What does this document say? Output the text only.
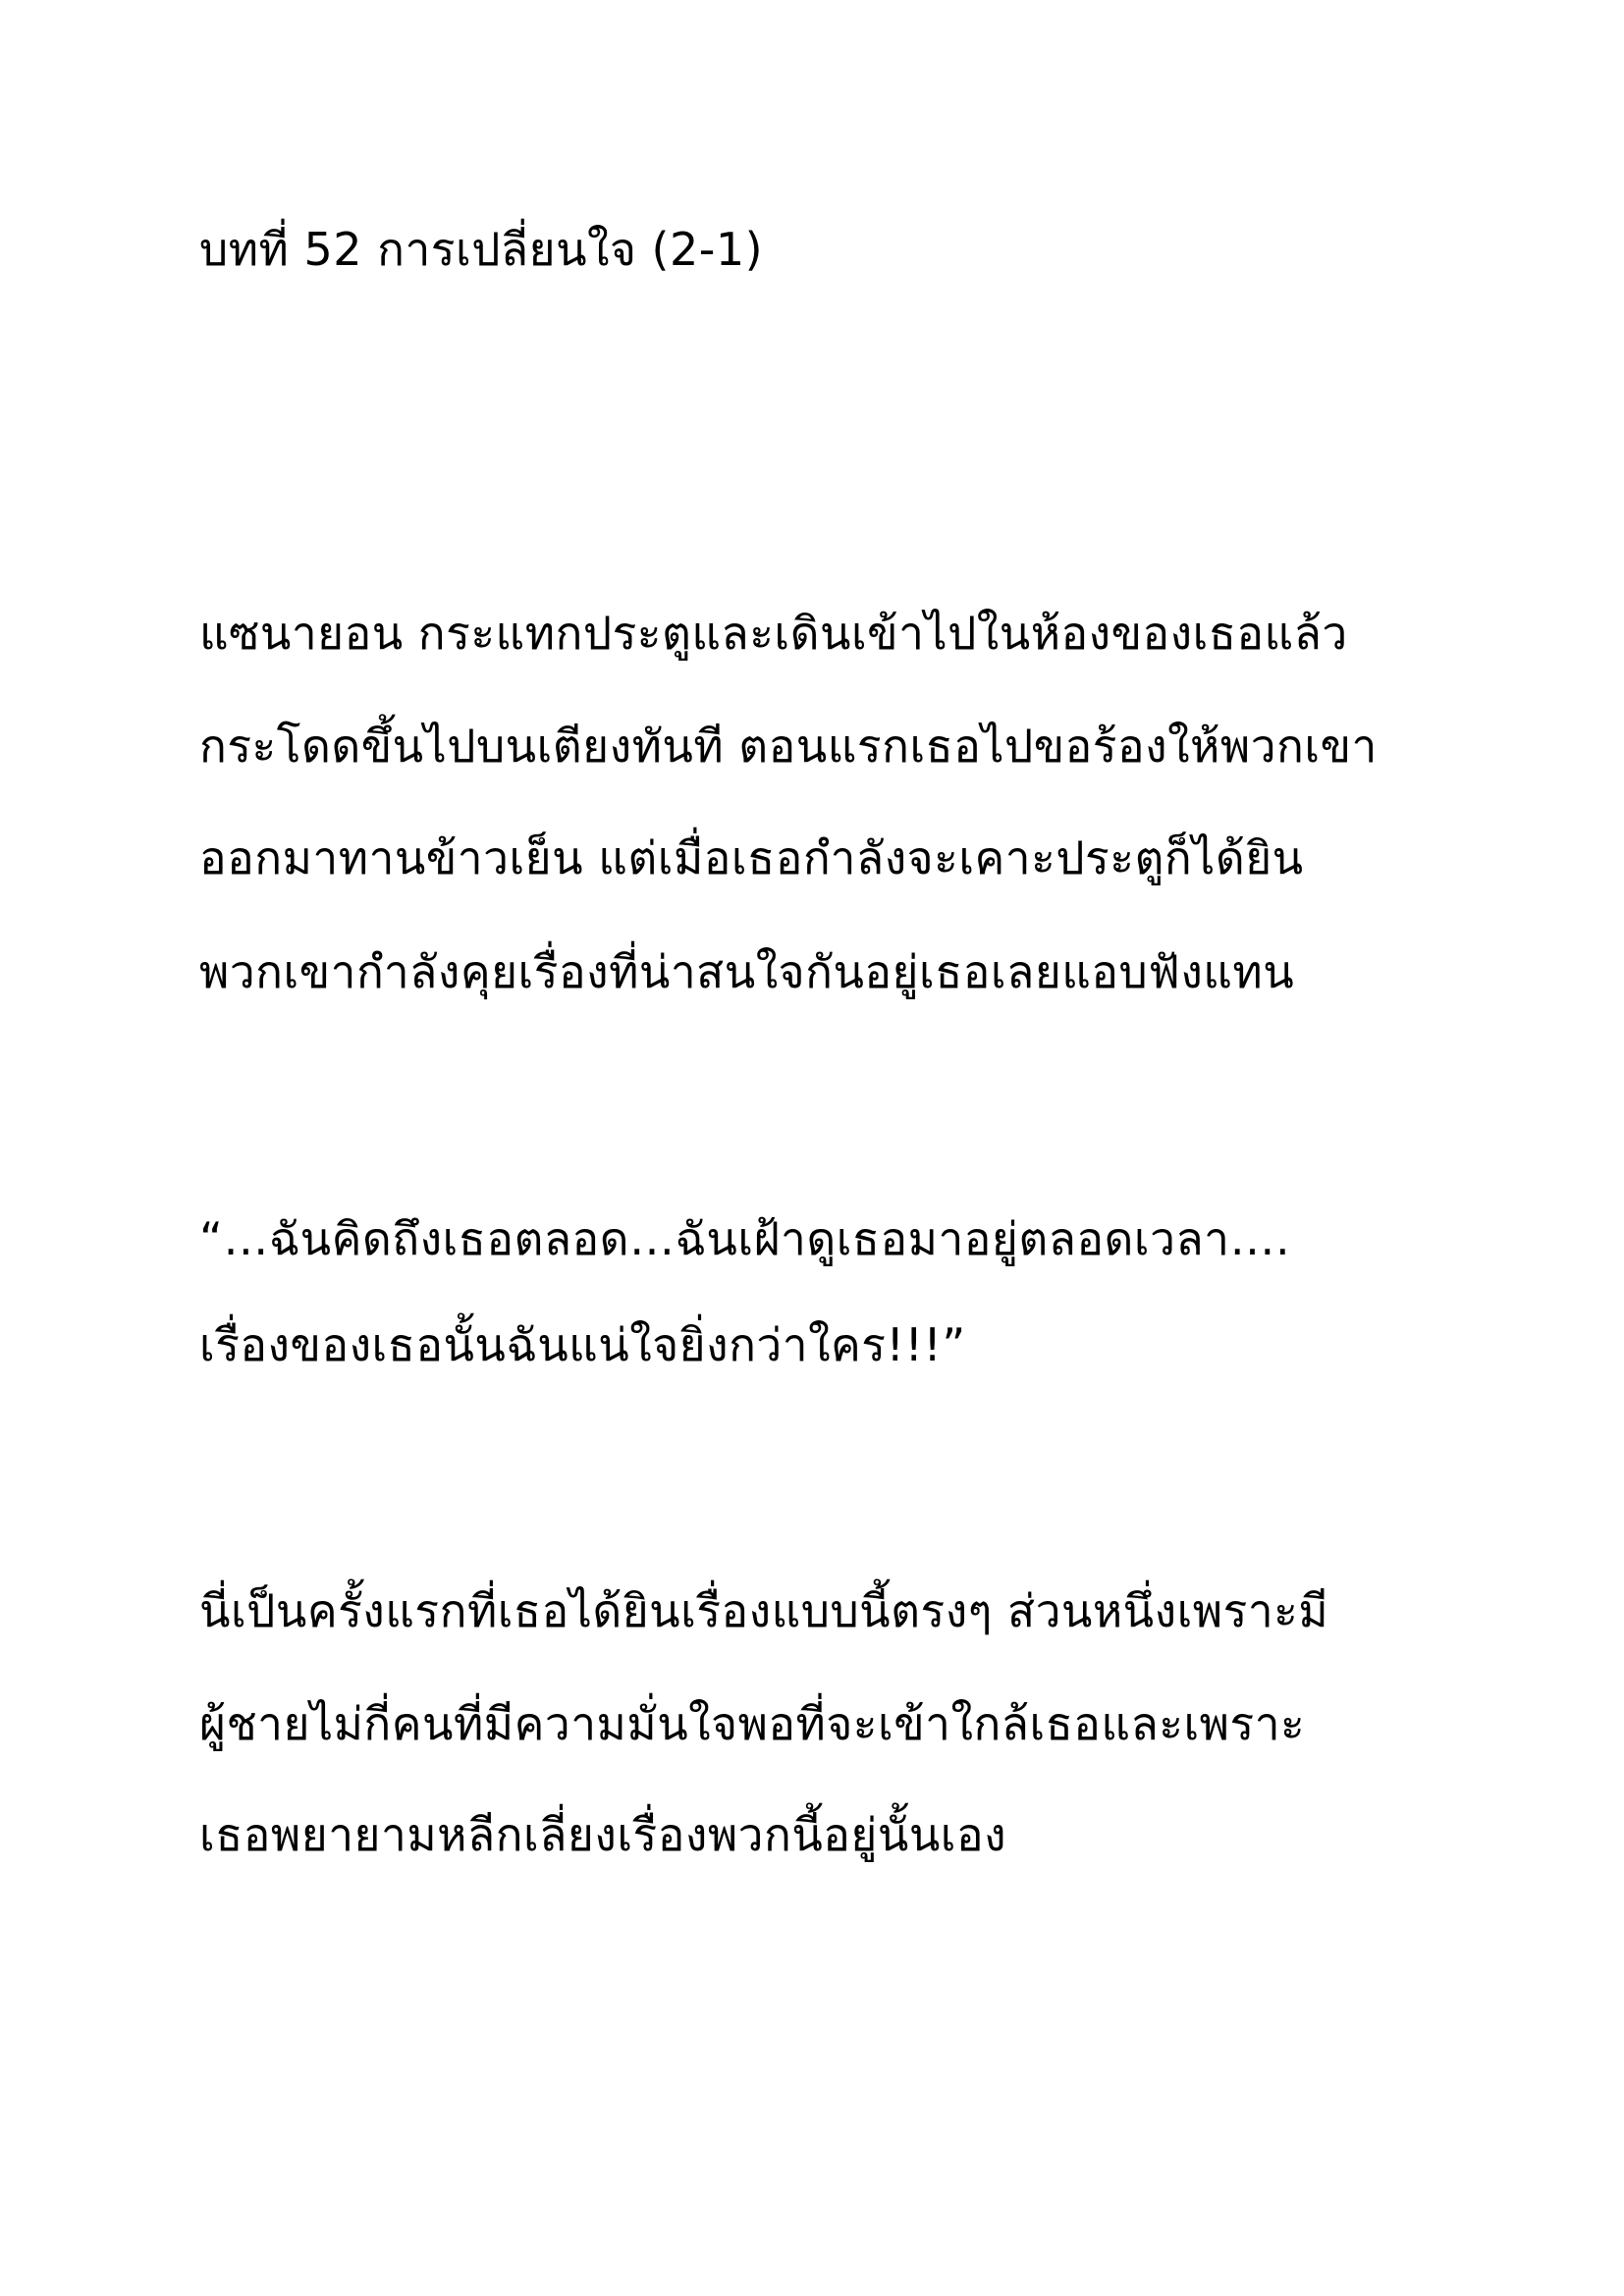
บทที่ 52 การเปลี่ยนใจ (2-1)
แซนายอน กระแทกประตูและเดินเข้าไปในห้องของเธอแล้ว
กระโดดขึ้นไปบนเตียงทันที ตอนแรกเธอไปขอร้องให้พวกเขา
ออกมาทานข้าวเย็น แต่เมื่อเธอกำลังจะเคาะประตูก็ได้ยิน
พวกเขากำลังคุยเรื่องที่น่าสนใจกันอยู่เธอเลยแอบฟังแทน
“…ฉันคิดถึงเธอตลอด…ฉันเฝ้าดูเธอมาอยู่ตลอดเวลา….
เรื่องของเธอนั้นฉันแน่ใจยิ่งกว่าใคร!!!”
นี่เป็นครั้งแรกที่เธอได้ยินเรื่องแบบนี้ตรงๆ ส่วนหนึ่งเพราะมี
ผู้ชายไม่กี่คนที่มีความมั่นใจพอที่จะเข้าใกล้เธอและเพราะ
เธอพยายามหลีกเลี่ยงเรื่องพวกนี้อยู่นั้นเอง
